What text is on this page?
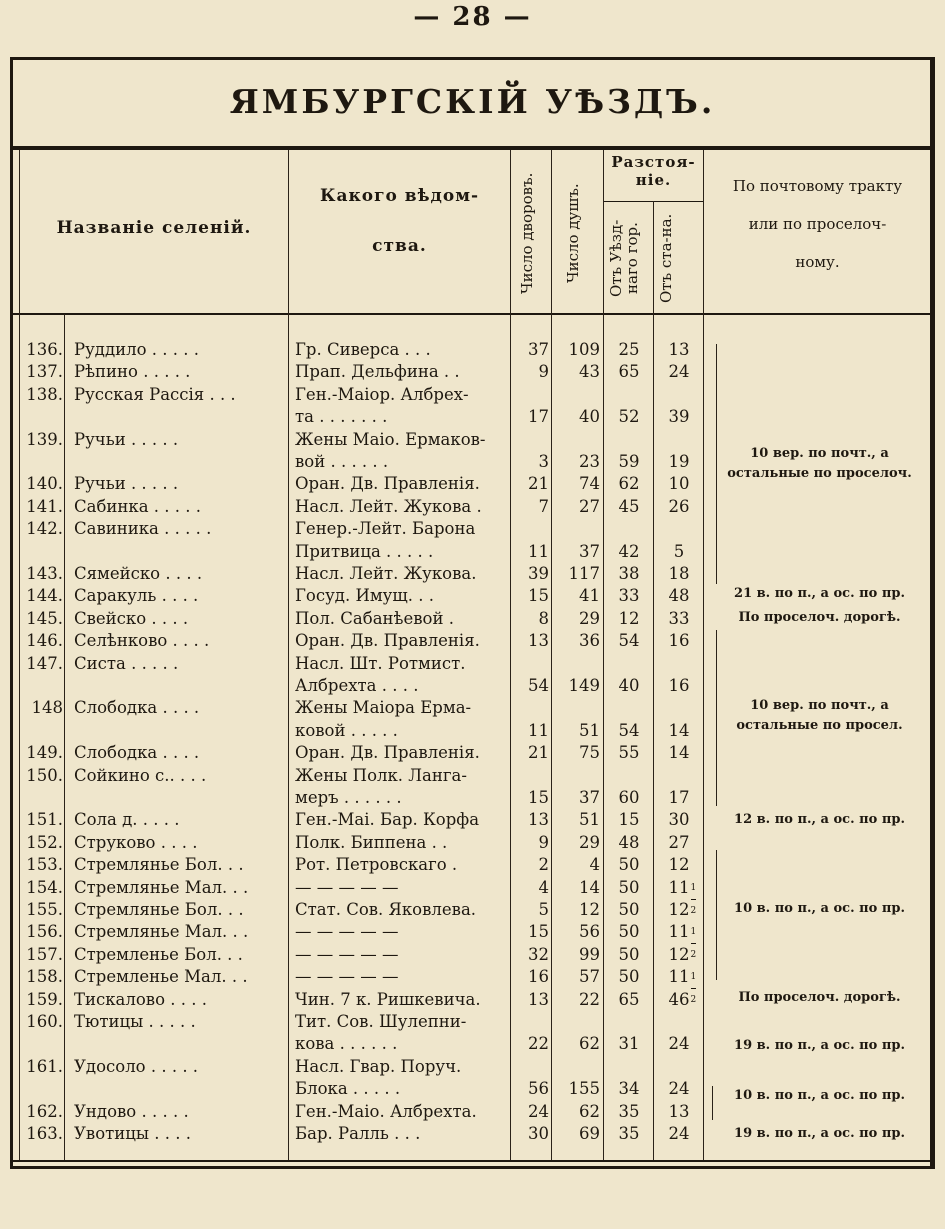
— 28 —
ЯМБУРГСКІЙ УѢЗДЪ.
Названіе селеній.
Какого вѣдом-
ства.	Число дворовъ.	Число душъ.
Разстоя-
ніе.
Отъ Уѣзд-наго гор.	Отъ ста-на.
По почтовому тракту
или по проселоч-
ному.
136. Руддило . . . . .	Гр. Сиверса . . .	37	109	25	13
137. Рѣпино . . . . .	Прап. Дельфина . .	9	43	65	24
138. Русская Рассія . . .	Ген.-Маіор. Албрех-
та . . . . . . .	17	40	52	39
139. Ручьи . . . . .	Жены Маіо. Ермаков-
вой . . . . . .	3	23	59	19
140. Ручьи . . . . .	Оран. Дв. Правленія.	21	74	62	10
141. Сабинка . . . . .	Насл. Лейт. Жукова .	7	27	45	26
142. Савиника . . . . .	Генер.-Лейт. Барона
Притвица . . . . .	11	37	42	5
143. Сямейско . . . .	Насл. Лейт. Жукова.	39	117	38	18
144. Саракуль . . . .	Госуд. Имущ. . .	15	41	33	48
145. Свейско . . . .	Пол. Сабанѣевой .	8	29	12	33
146. Селѣнково . . . .	Оран. Дв. Правленія.	13	36	54	16
147. Систа . . . . .	Насл. Шт. Ротмист.
Албрехта . . . .	54	149	40	16
148 Слободка . . . .	Жены Маіора Ерма-
ковой . . . . .	11	51	54	14
149. Слободка . . . .	Оран. Дв. Правленія.	21	75	55	14
150. Сойкино с.. . . .	Жены Полк. Лангa-
меръ . . . . . .	15	37	60	17
151. Сола д. . . . .	Ген.-Маі. Бар. Корфа	13	51	15	30
152. Струково . . . .	Полк. Биппена . .	9	29	48	27
153. Стремлянье Бол. . .	Рот. Петровскаго .	2	4	50	12
154. Стремлянье Мал. . .	— — — — —	4	14	50	$11 \frac{1}{2}$
155. Стремлянье Бол. . .	Стат. Сов. Яковлева.	5	12	50	12
156. Стремлянье Мал. . .	— — — — —	15	56	50	$11 \frac{1}{2}$
157. Стремленье Бол. . .	— — — — —	32	99	50	12
158. Стремленье Мал. . .	— — — — —	16	57	50	$11 \frac{1}{2}$
159. Тискалово . . . .	Чин. 7 к. Ришкевича.	13	22	65	46
160. Тютицы . . . . .	Тит. Сов. Шулепни-
кова . . . . . .	22	62	31	24
161. Удосоло . . . . .	Насл. Гвар. Поруч.
Блока . . . . .	56	155	34	24
162. Ундово . . . . .	Ген.-Маіо. Албрехта.	24	62	35	13
163. Увотицы . . . .	Бар. Ралль . . .	30	69	35	24
10 вер. по почт., а
остальные по проселоч.
21 в. по п., а ос. по пр.
По проселоч. дорогѣ.
10 вер. по почт., а
остальные по просел.
12 в. по п., а ос. по пр.
10 в. по п., а ос. по пр.
По проселоч. дорогѣ.
19 в. по п., а ос. по пр.
10 в. по п., а ос. по пр.
19 в. по п., а ос. по пр.
